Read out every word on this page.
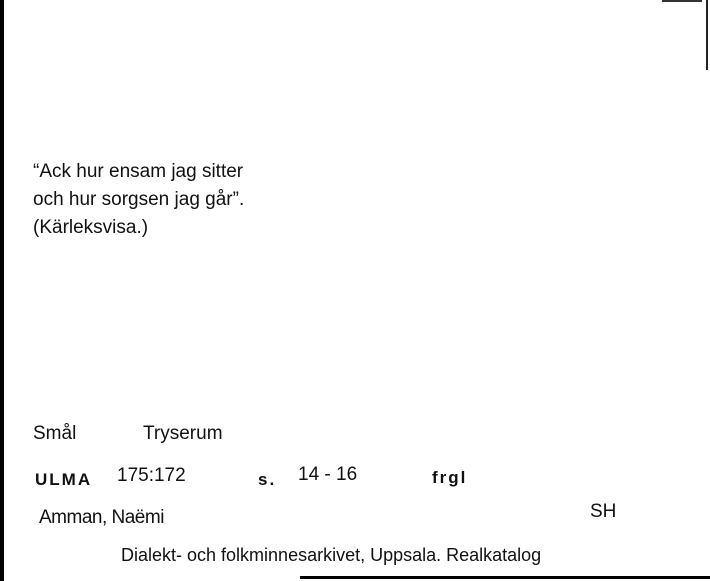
“Ack hur ensam jag sitter
och hur sorgsen jag går”.
(Kärleksvisa.)
Smål	Tryserum
ULMA 175:172	s. 14 - 16	frgl
Amman, Naëmi	SH
Dialekt- och folkminnesarkivet, Uppsala. Realkatalog
